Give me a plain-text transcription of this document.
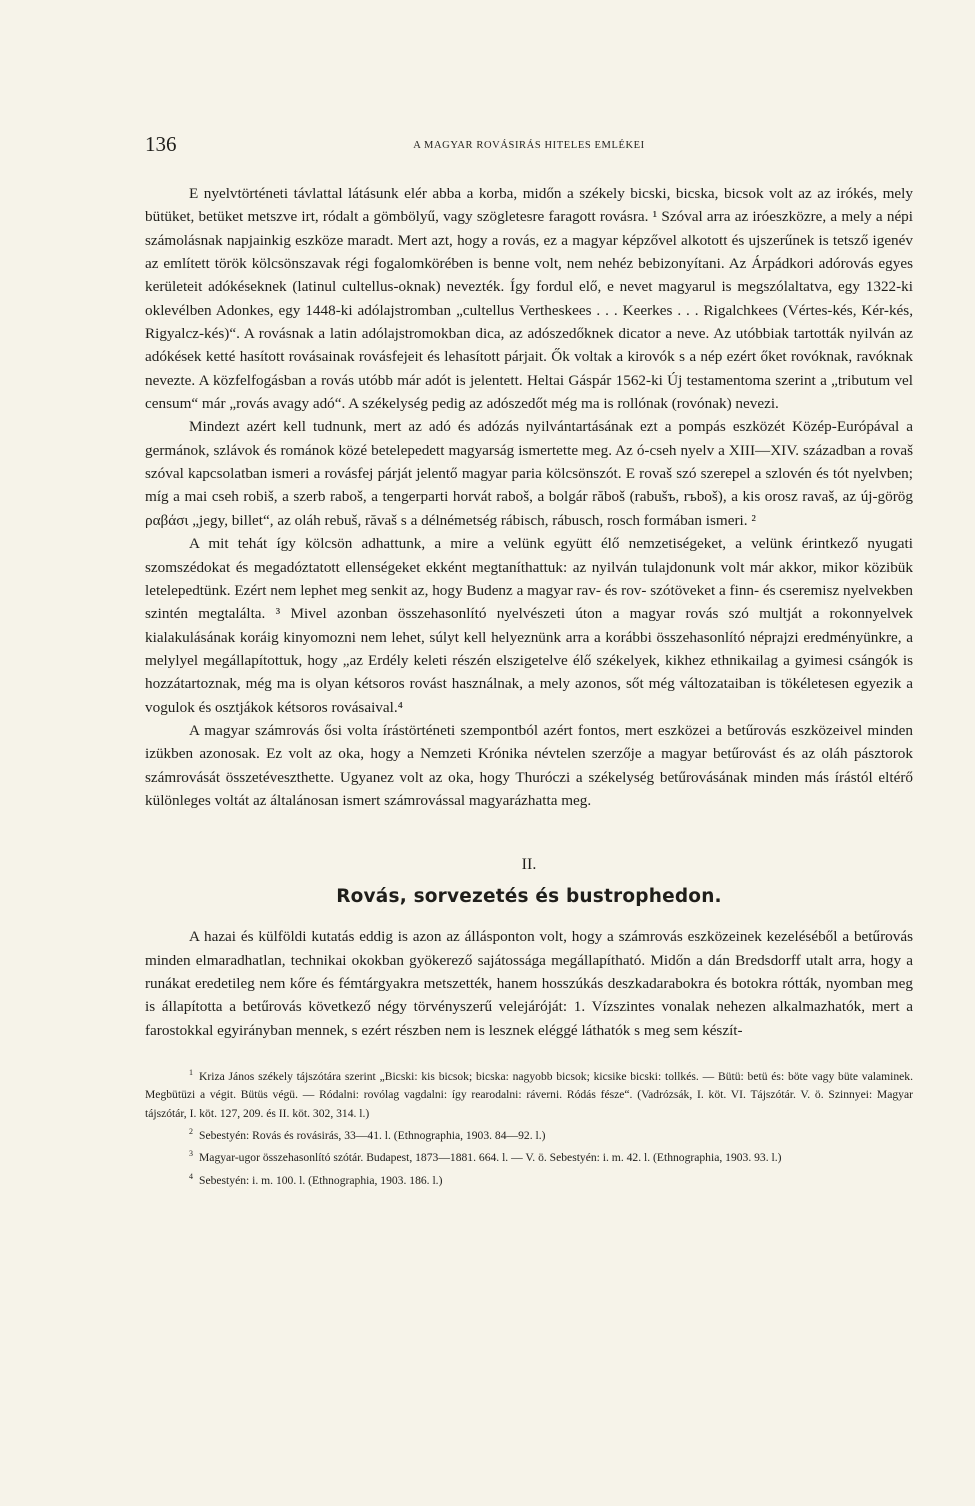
136	A MAGYAR ROVÁSIRÁS HITELES EMLÉKEI

E nyelvtörténeti távlattal látásunk elér abba a korba, midőn a székely bicski, bicska, bicsok volt az az irókés, mely bütüket, betüket metszve irt, ródalt a gömbölyű, vagy szögletesre faragott rovásra. ¹ Szóval arra az iróeszközre, a mely a népi számolásnak napjainkig eszköze maradt. Mert azt, hogy a rovás, ez a magyar képzővel alkotott és ujszerűnek is tetsző igenév az említett török kölcsönszavak régi fogalomkörében is benne volt, nem nehéz bebizonyítani. Az Árpádkori adórovás egyes kerületeit adókéseknek (latinul cultellus-oknak) nevezték. Így fordul elő, e nevet magyarul is megszólaltatva, egy 1322-ki oklevélben Adonkes, egy 1448-ki adólajstromban „cultellus Vertheskees . . . Keerkes . . . Rigalchkees (Vértes-kés, Kér-kés, Rigyalcz-kés)“. A rovásnak a latin adólajstromokban dica, az adószedőknek dicator a neve. Az utóbbiak tartották nyilván az adókések ketté hasított rovásainak rovásfejeit és lehasított párjait. Ők voltak a kirovók s a nép ezért őket rovóknak, ravóknak nevezte. A közfelfogásban a rovás utóbb már adót is jelentett. Heltai Gáspár 1562-ki Új testamentoma szerint a „tributum vel censum“ már „rovás avagy adó“. A székelység pedig az adószedőt még ma is rollónak (rovónak) nevezi.

Mindezt azért kell tudnunk, mert az adó és adózás nyilvántartásának ezt a pompás eszközét Közép-Európával a germánok, szlávok és románok közé betelepedett magyarság ismertette meg. Az ó-cseh nyelv a XIII—XIV. században a rovaš szóval kapcsolatban ismeri a rovásfej párját jelentő magyar paria kölcsönszót. E rovaš szó szerepel a szlovén és tót nyelvben; míg a mai cseh robiš, a szerb raboš, a tengerparti horvát raboš, a bolgár răboš (rabušъ, rъboš), a kis orosz ravaš, az új-görög ραβάσι „jegy, billet“, az oláh rebuš, răvaš s a délnémetség rábisch, rábusch, rosch formában ismeri. ²

A mit tehát így kölcsön adhattunk, a mire a velünk együtt élő nemzetiségeket, a velünk érintkező nyugati szomszédokat és megadóztatott ellenségeket ekként megtaníthattuk: az nyilván tulajdonunk volt már akkor, mikor közibük letelepedtünk. Ezért nem lephet meg senkit az, hogy Budenz a magyar rav- és rov- szótöveket a finn- és cseremisz nyelvekben szintén megtalálta. ³ Mivel azonban összehasonlító nyelvészeti úton a magyar rovás szó multját a rokonnyelvek kialakulásának koráig kinyomozni nem lehet, súlyt kell helyeznünk arra a korábbi összehasonlító néprajzi eredményünkre, a melylyel megállapítottuk, hogy „az Erdély keleti részén elszigetelve élő székelyek, kikhez ethnikailag a gyimesi csángók is hozzátartoznak, még ma is olyan kétsoros rovást használnak, a mely azonos, sőt még változataiban is tökéletesen egyezik a vogulok és osztjákok kétsoros rovásaival.⁴

A magyar számrovás ősi volta írástörténeti szempontból azért fontos, mert eszközei a betűrovás eszközeivel minden izükben azonosak. Ez volt az oka, hogy a Nemzeti Krónika névtelen szerzője a magyar betűrovást és az oláh pásztorok számrovását összetéveszthette. Ugyanez volt az oka, hogy Thuróczi a székelység betűrovásának minden más írástól eltérő különleges voltát az általánosan ismert számrovással magyarázhatta meg.

II.
Rovás, sorvezetés és bustrophedon.

A hazai és külföldi kutatás eddig is azon az állásponton volt, hogy a számrovás eszközeinek kezeléséből a betűrovás minden elmaradhatlan, technikai okokban gyökerező sajátossága megállapítható. Midőn a dán Bredsdorff utalt arra, hogy a runákat eredetileg nem kőre és fémtárgyakra metszették, hanem hosszúkás deszkadarabokra és botokra rótták, nyomban meg is állapította a betűrovás következő négy törvényszerű velejáróját: 1. Vízszintes vonalak nehezen alkalmazhatók, mert a farostokkal egyirányban mennek, s ezért részben nem is lesznek eléggé láthatók s meg sem készít-

$^1$ Kriza János székely tájszótára szerint „Bicski: kis bicsok; bicska: nagyobb bicsok; kicsike bicski: tollkés. — Bütü: betü és: böte vagy büte valaminek. Megbütüzi a végit. Bütüs végü. — Ródalni: rovólag vagdalni: így rearodalni: ráverni. Ródás fésze“. (Vadrózsák, I. köt. VI. Tájszótár. V. ö. Szinnyei: Magyar tájszótár, I. köt. 127, 209. és II. köt. 302, 314. l.)

$^2$ Sebestyén: Rovás és rovásirás, 33—41. l. (Ethnographia, 1903. 84—92. l.)

$^3$ Magyar-ugor összehasonlító szótár. Budapest, 1873—1881. 664. l. — V. ö. Sebestyén: i. m. 42. l. (Ethnographia, 1903. 93. l.)

$^4$ Sebestyén: i. m. 100. l. (Ethnographia, 1903. 186. l.)
